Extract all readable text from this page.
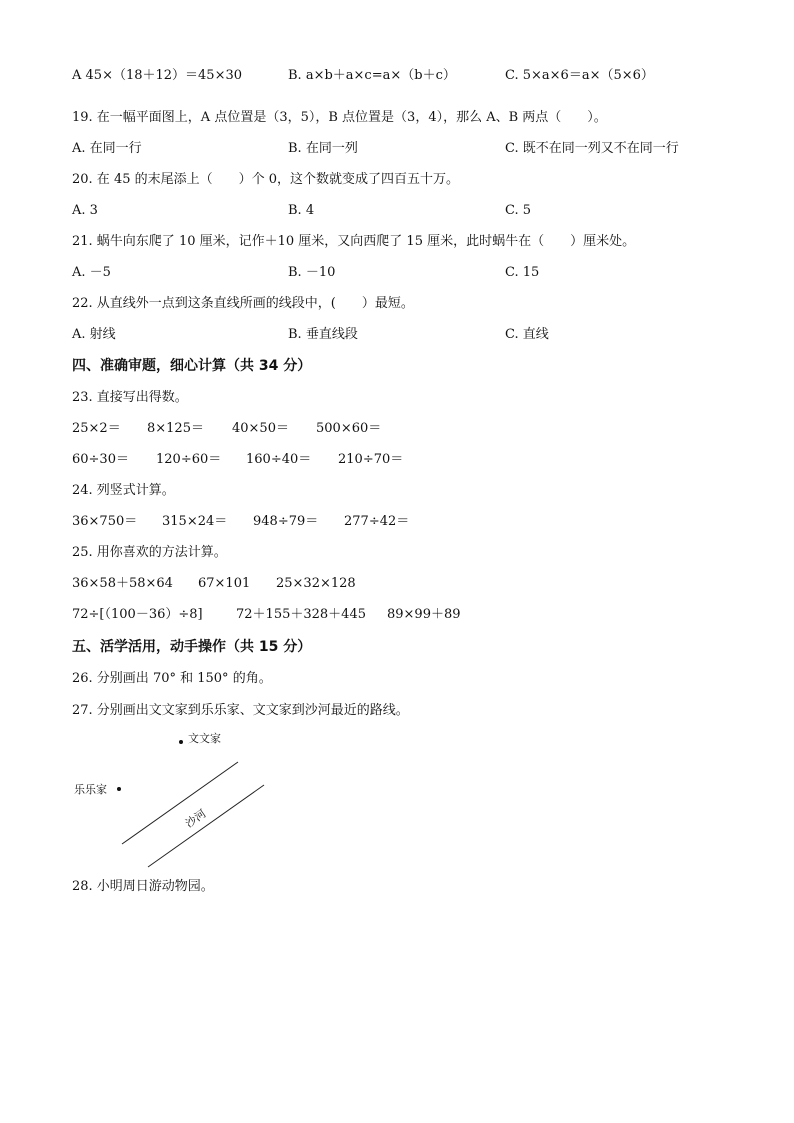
A 45×（18＋12）＝45×30	B. a×b＋a×c=a×（b＋c）	C. 5×a×6＝a×（5×6）
19. 在一幅平面图上，A 点位置是（3，5），B 点位置是（3，4），那么 A、B 两点（　　）。
A. 在同一行	B. 在同一列	C. 既不在同一列又不在同一行
20. 在 45 的末尾添上（　　）个 0，这个数就变成了四百五十万。
A. 3	B. 4	C. 5
21. 蜗牛向东爬了 10 厘米，记作＋10 厘米，又向西爬了 15 厘米，此时蜗牛在（　　）厘米处。
A. －5	B. －10	C. 15
22. 从直线外一点到这条直线所画的线段中，(　　）最短。
A. 射线	B. 垂直线段	C. 直线
四、准确审题，细心计算（共 34 分）
23. 直接写出得数。
25×2＝ 8×125＝ 40×50＝ 500×60＝
60÷30＝ 120÷60＝ 160÷40＝ 210÷70＝
24. 列竖式计算。
36×750＝ 315×24＝ 948÷79＝ 277÷42＝
25. 用你喜欢的方法计算。
36×58＋58×64 67×101 25×32×128
72÷[（100－36）÷8]	72＋155＋328＋445 89×99＋89
五、活学活用，动手操作（共 15 分）
26. 分别画出 70° 和 150° 的角。
27. 分别画出文文家到乐乐家、文文家到沙河最近的路线。
文文家
乐乐家
沙河
28. 小明周日游动物园。
